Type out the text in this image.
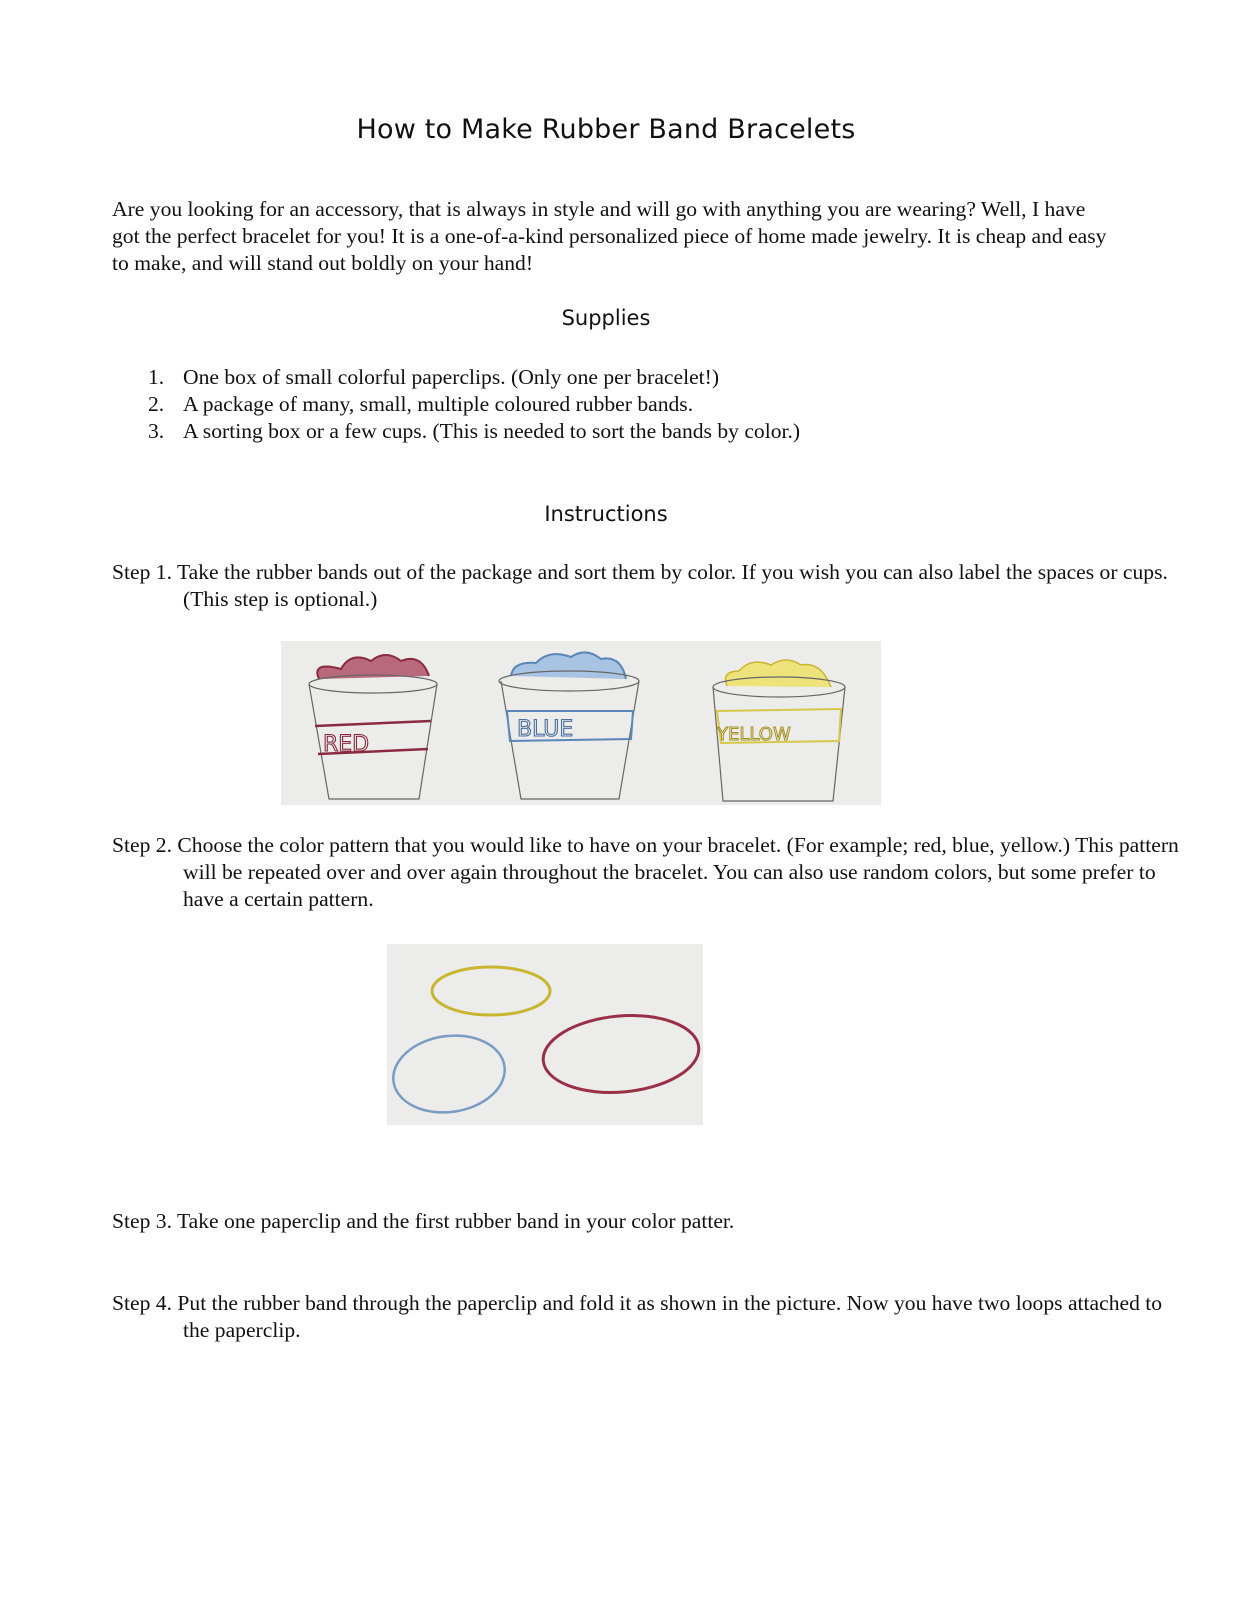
How to Make Rubber Band Bracelets
Are you looking for an accessory, that is always in style and will go with anything you are wearing? Well, I have got the perfect bracelet for you! It is a one-of-a-kind personalized piece of home made jewelry. It is cheap and easy to make, and will stand out boldly on your hand!
Supplies
1. One box of small colorful paperclips. (Only one per bracelet!)
2. A package of many, small, multiple coloured rubber bands.
3. A sorting box or a few cups. (This is needed to sort the bands by color.)
Instructions
Step 1. Take the rubber bands out of the package and sort them by color. If you wish you can also label the spaces or cups. (This step is optional.)
RED
BLUE	YELLOW
Step 2. Choose the color pattern that you would like to have on your bracelet. (For example; red, blue, yellow.) This pattern will be repeated over and over again throughout the bracelet. You can also use random colors, but some prefer to have a certain pattern.
Step 3. Take one paperclip and the first rubber band in your color patter.
Step 4. Put the rubber band through the paperclip and fold it as shown in the picture. Now you have two loops attached to the paperclip.
